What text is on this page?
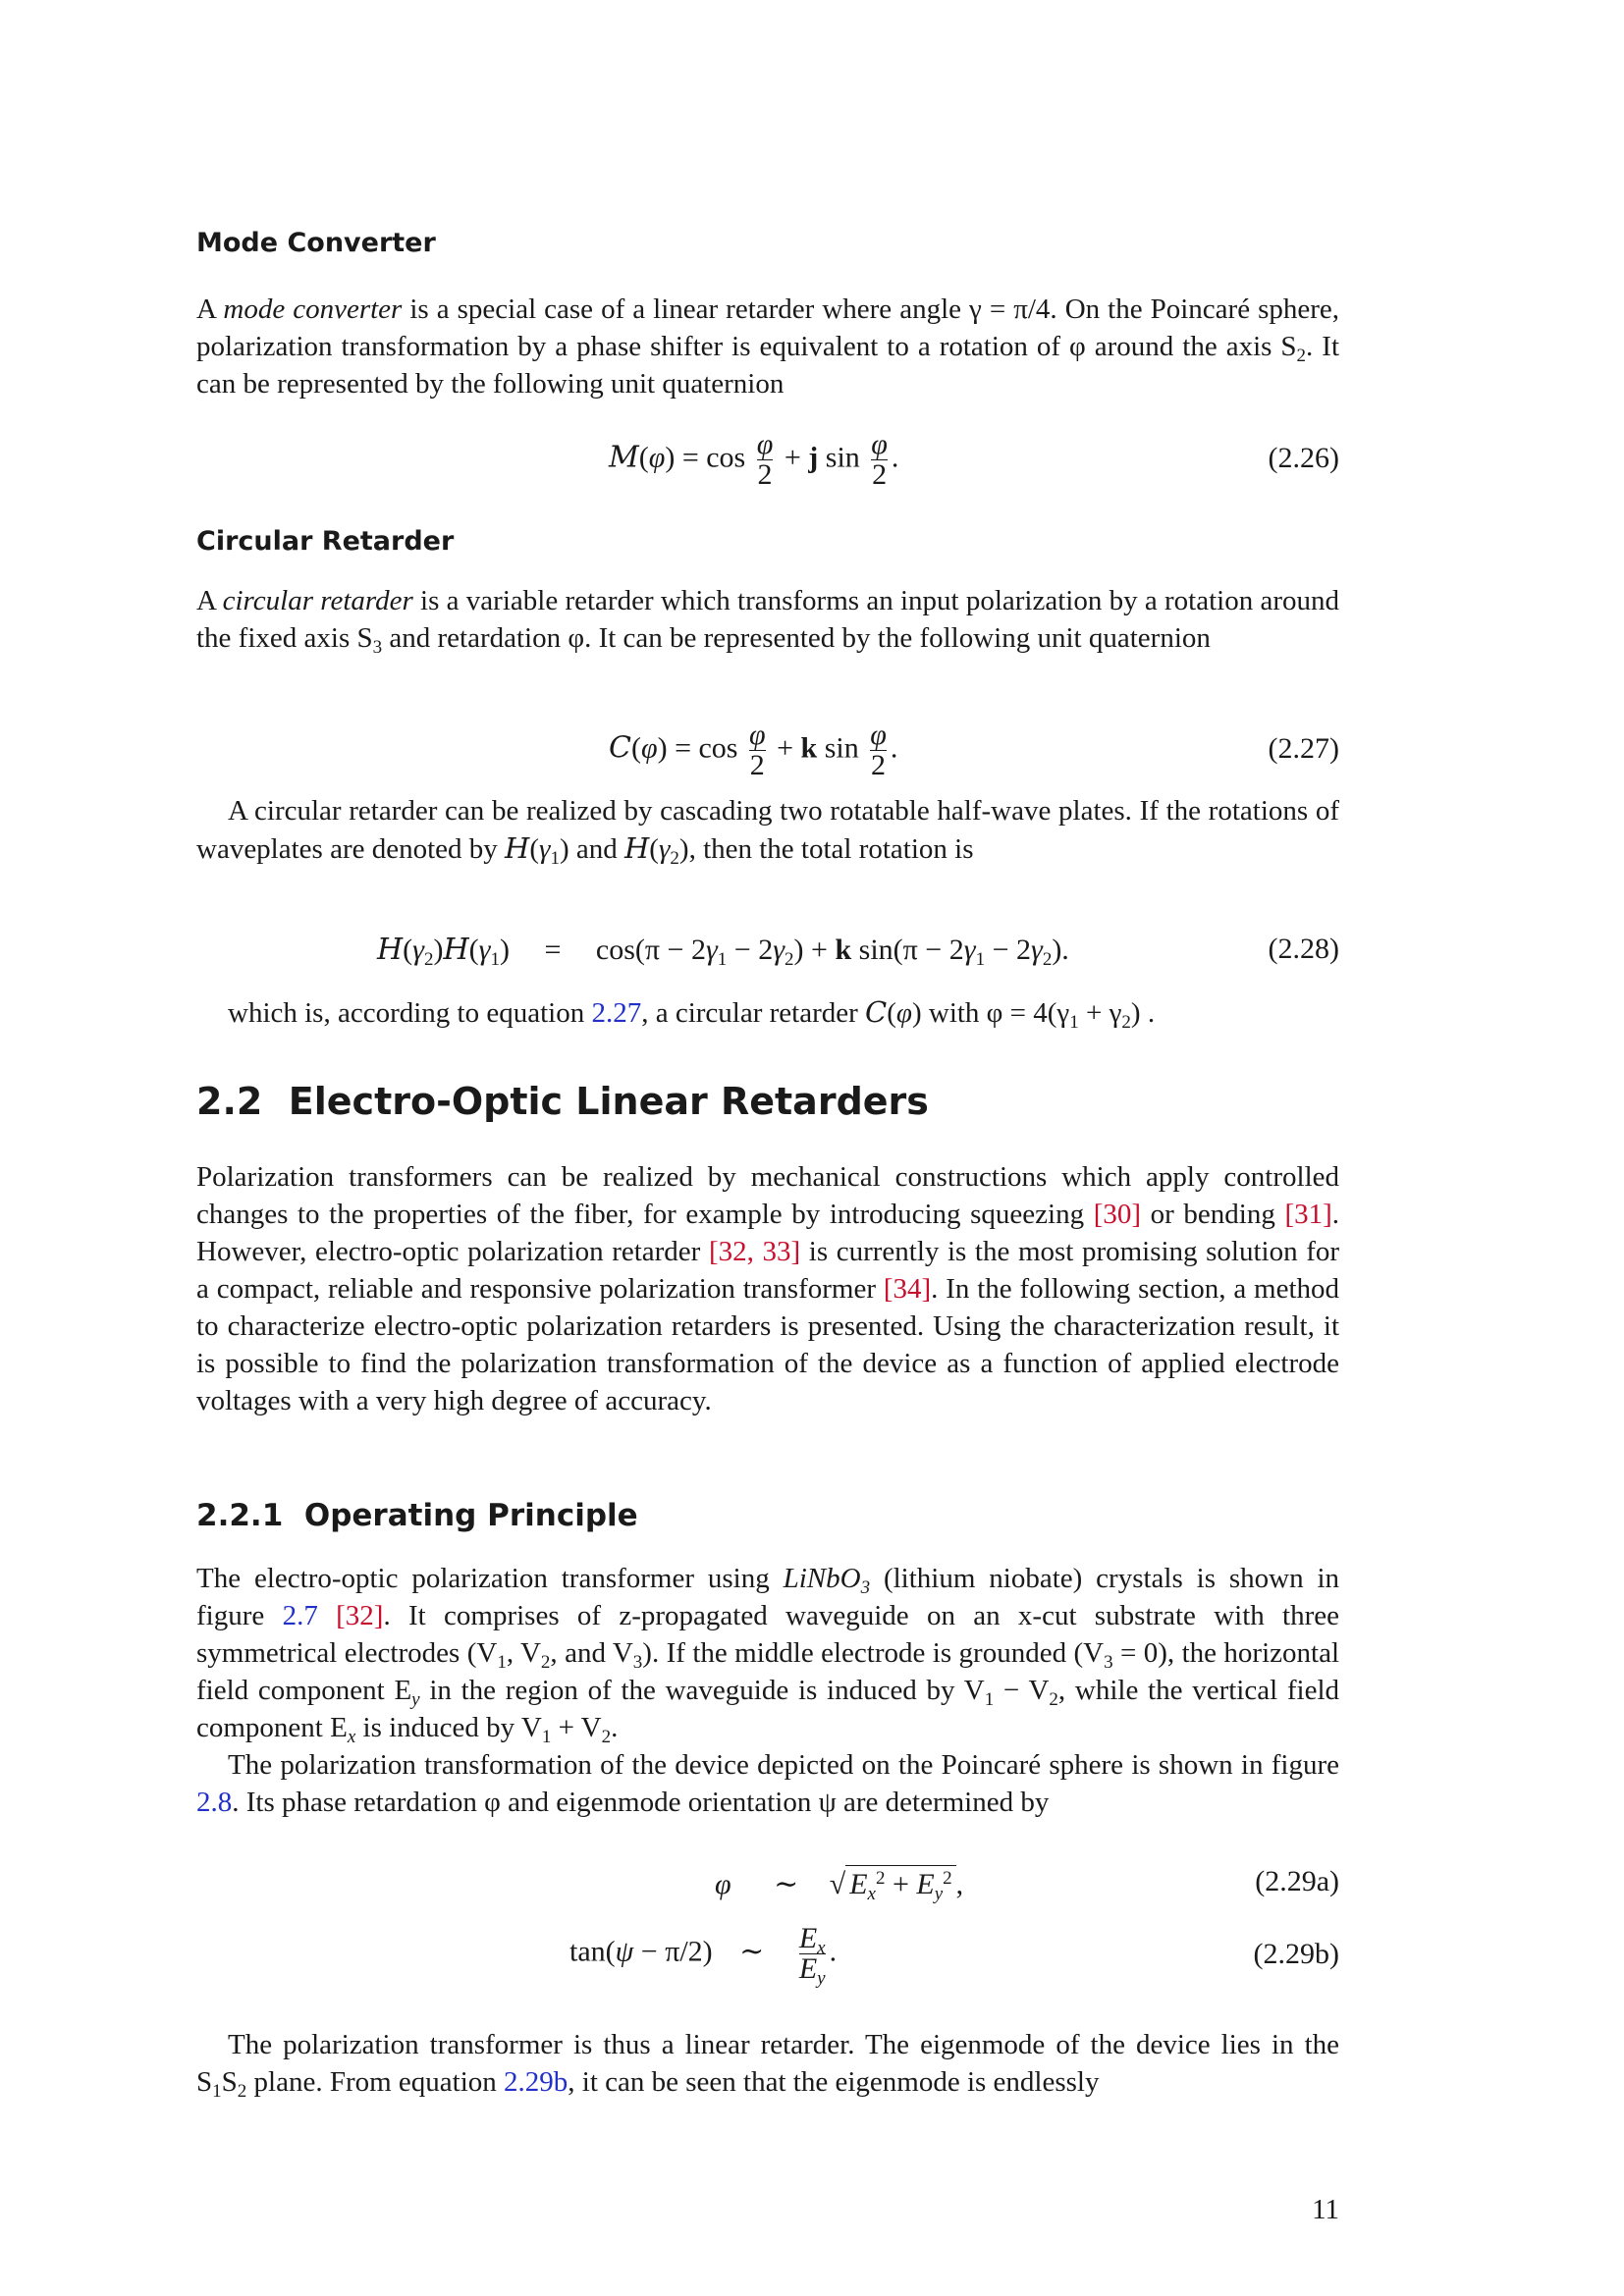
Mode Converter

A mode converter is a special case of a linear retarder where angle γ = π/4. On the Poincaré sphere, polarization transformation by a phase shifter is equivalent to a rotation of φ around the axis $S_2$. It can be represented by the following unit quaternion

$M(\varphi) = \cos \frac{\varphi}{2} + j$ $\sin \frac{\varphi}{2}$ .	(2.26)
Circular Retarder

A circular retarder is a variable retarder which transforms an input polarization by a rotation around the fixed axis $S_3$ and retardation φ. It can be represented by the following unit quaternion

$C(\varphi) = \cos \frac{\varphi}{2} + k$ $\sin \frac{\varphi}{2}$ .	(2.27)

A circular retarder can be realized by cascading two rotatable half-wave plates. If the rotations of waveplates are denoted by $H(\gamma_1)$ and $H(\gamma_2)$, then the total rotation is

$H(\gamma_2)H(\gamma_1) = \cos(\pi - 2\gamma_1 - 2\gamma_2) + k$ $\sin(\pi - 2\gamma_1 - 2\gamma_2)$.	(2.28)

which is, according to equation 2.27, a circular retarder C(φ) with $\varphi = 4(\gamma_1 + \gamma_2)$ .

2.2 Electro-Optic Linear Retarders

Polarization transformers can be realized by mechanical constructions which apply controlled changes to the properties of the fiber, for example by introducing squeezing [30] or bending [31]. However, electro-optic polarization retarder [32, 33] is currently is the most promising solution for a compact, reliable and responsive polarization transformer [34]. In the following section, a method to characterize electro-optic polarization retarders is presented. Using the characterization result, it is possible to find the polarization transformation of the device as a function of applied electrode voltages with a very high degree of accuracy.

2.2.1 Operating Principle

The electro-optic polarization transformer using LiNbO$_3$ (lithium niobate) crystals is shown in figure 2.7 [32]. It comprises of z-propagated waveguide on an x-cut substrate with three symmetrical electrodes ($V_1$, $V_2$, and $V_3$). If the middle electrode is grounded $(V_3 = 0)$, the horizontal field component $E_y$ in the region of the waveguide is induced by $V_1 - V_2$, while the vertical field component $E_x$ is induced by $V_1 + V_2$.

The polarization transformation of the device depicted on the Poincaré sphere is shown in figure 2.8. Its phase retardation φ and eigenmode orientation ψ are determined by

φ ∼ √ $E_x^2 + E_y^2$ ,	(2.29a)
tan(ψ − π/2) ∼ $\frac{E_x}{E_y}$ .	(2.29b)

The polarization transformer is thus a linear retarder. The eigenmode of the device lies in the $S_1S_2$ plane. From equation 2.29b, it can be seen that the eigenmode is endlessly

11
